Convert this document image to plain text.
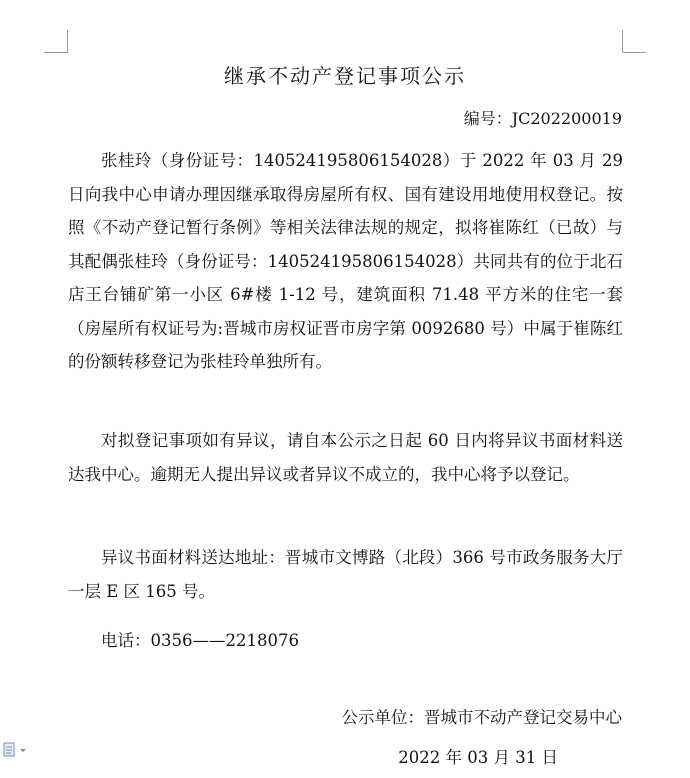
继承不动产登记事项公示
编号：JC202200019

张桂玲（身份证号：140524195806154028）于 2022 年 03 月 29 日向我中心申请办理因继承取得房屋所有权、国有建设用地使用权登记。按照《不动产登记暂行条例》等相关法律法规的规定，拟将崔陈红（已故）与其配偶张桂玲（身份证号：140524195806154028）共同共有的位于北石店王台铺矿第一小区 6#楼 1-12 号，建筑面积 71.48 平方米的住宅一套（房屋所有权证号为:晋城市房权证晋市房字第 0092680 号）中属于崔陈红的份额转移登记为张桂玲单独所有。

对拟登记事项如有异议，请自本公示之日起 60 日内将异议书面材料送达我中心。逾期无人提出异议或者异议不成立的，我中心将予以登记。

异议书面材料送达地址：晋城市文博路（北段）366 号市政务服务大厅一层 E 区 165 号。

电话：0356——2218076

公示单位：晋城市不动产登记交易中心
2022 年 03 月 31 日
